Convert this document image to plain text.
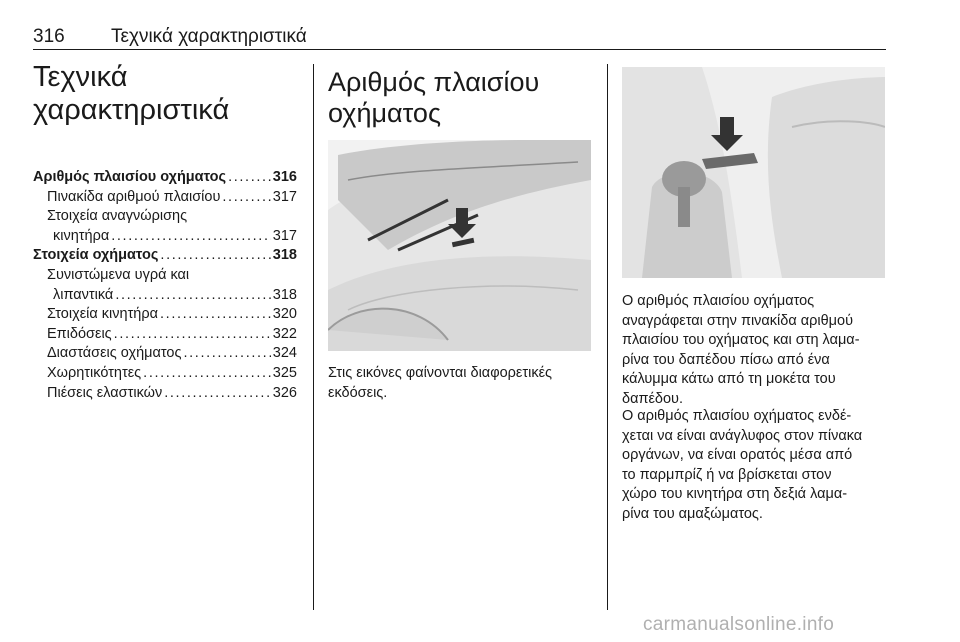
316 Τεχνικά χαρακτηριστικά
Τεχνικά
χαρακτηριστικά
Αριθμός πλαισίου οχήματος . . .	316
Πινακίδα αριθμού πλαισίου . . .	317
Στοιχεία αναγνώρισης
κινητήρα . . .	317
Στοιχεία οχήματος . . .	318
Συνιστώμενα υγρά και
λιπαντικά . . .	318
Στοιχεία κινητήρα . . .	320
Επιδόσεις . . .	322
Διαστάσεις οχήματος . . .	324
Χωρητικότητες . . .	325
Πιέσεις ελαστικών . . .	326
Αριθμός πλαισίου
οχήματος

Στις εικόνες φαίνονται διαφορετικές
εκδόσεις.

Ο αριθμός πλαισίου οχήματος
αναγράφεται στην πινακίδα αριθμού
πλαισίου του οχήματος και στη λαμα-
ρίνα του δαπέδου πίσω από ένα
κάλυμμα κάτω από τη μοκέτα του
δαπέδου.

Ο αριθμός πλαισίου οχήματος ενδέ-
χεται να είναι ανάγλυφος στον πίνακα
οργάνων, να είναι ορατός μέσα από
το παρμπρίζ ή να βρίσκεται στον
χώρο του κινητήρα στη δεξιά λαμα-
ρίνα του αμαξώματος.

carmanualsonline.info
